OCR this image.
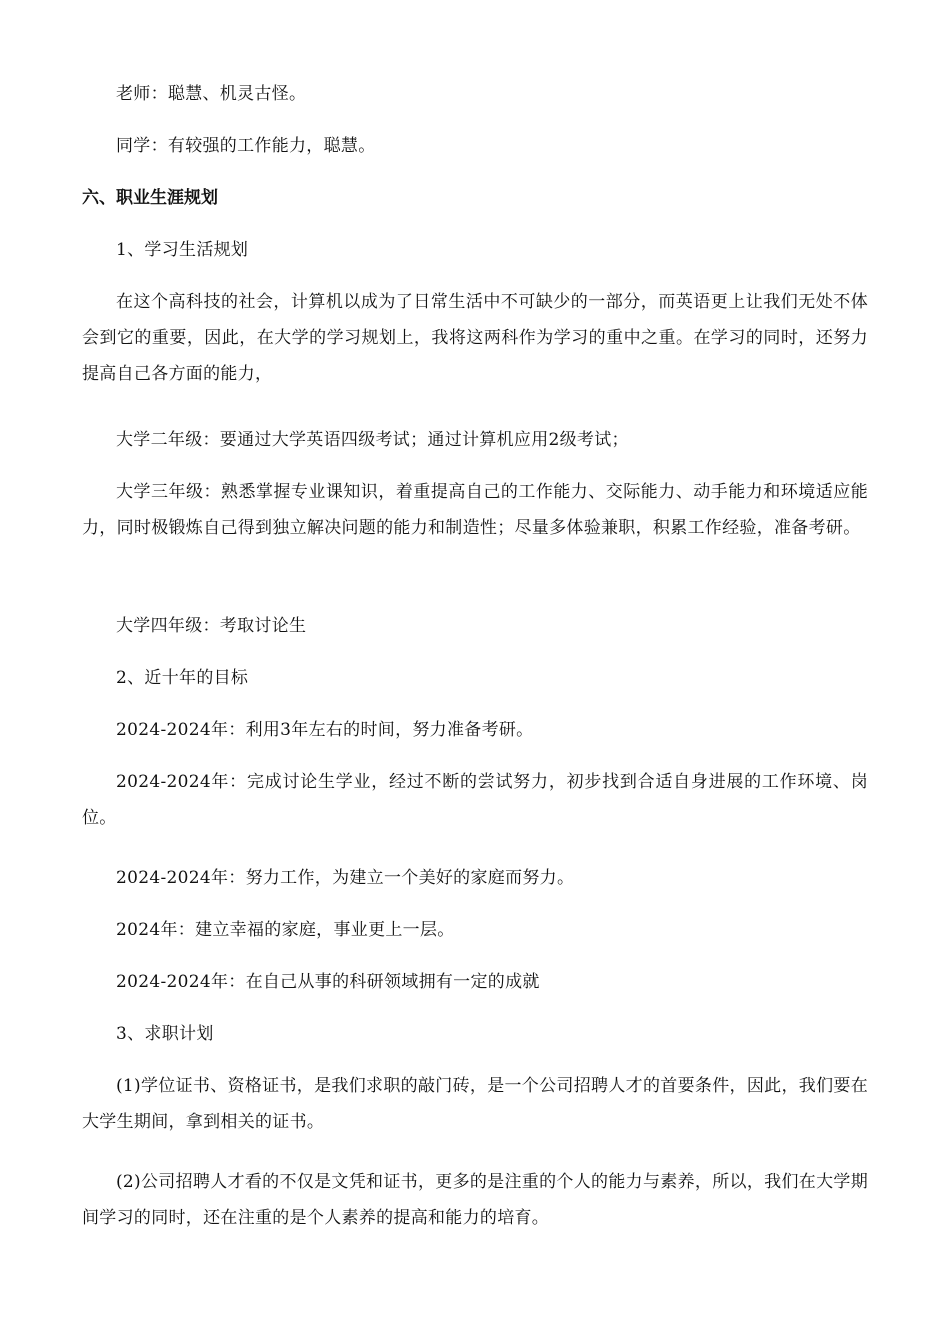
老师：聪慧、机灵古怪。

同学：有较强的工作能力，聪慧。

六、职业生涯规划

1、学习生活规划

在这个高科技的社会，计算机以成为了日常生活中不可缺少的一部分，而英语更上让我们无处不体会到它的重要，因此，在大学的学习规划上，我将这两科作为学习的重中之重。在学习的同时，还努力提高自己各方面的能力，

大学二年级：要通过大学英语四级考试；通过计算机应用2级考试；

大学三年级：熟悉掌握专业课知识，着重提高自己的工作能力、交际能力、动手能力和环境适应能力，同时极锻炼自己得到独立解决问题的能力和制造性；尽量多体验兼职，积累工作经验，准备考研。

大学四年级：考取讨论生

2、近十年的目标

2024-2024年：利用3年左右的时间，努力准备考研。

2024-2024年：完成讨论生学业，经过不断的尝试努力，初步找到合适自身进展的工作环境、岗位。

2024-2024年：努力工作，为建立一个美好的家庭而努力。

2024年：建立幸福的家庭，事业更上一层。

2024-2024年：在自己从事的科研领域拥有一定的成就

3、求职计划

(1)学位证书、资格证书，是我们求职的敲门砖，是一个公司招聘人才的首要条件，因此，我们要在大学生期间，拿到相关的证书。

(2)公司招聘人才看的不仅是文凭和证书，更多的是注重的个人的能力与素养，所以，我们在大学期间学习的同时，还在注重的是个人素养的提高和能力的培育。
